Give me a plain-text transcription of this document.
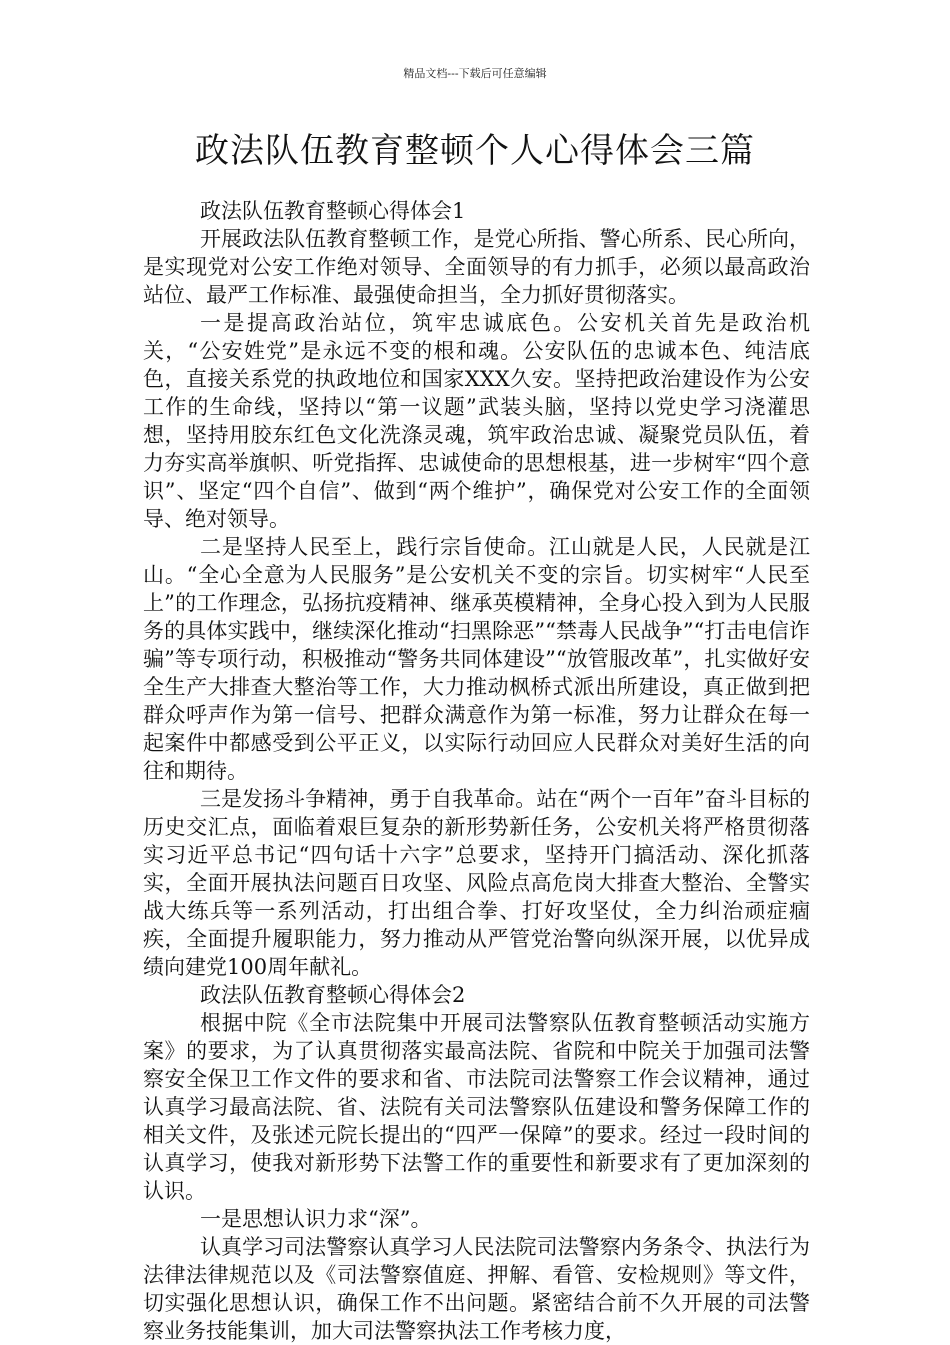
精品文档---下载后可任意编辑
政法队伍教育整顿个人心得体会三篇

政法队伍教育整顿心得体会1

开展政法队伍教育整顿工作，是党心所指、警心所系、民心所向，是实现党对公安工作绝对领导、全面领导的有力抓手，必须以最高政治站位、最严工作标准、最强使命担当，全力抓好贯彻落实。

一是提高政治站位，筑牢忠诚底色。公安机关首先是政治机关，“公安姓党”是永远不变的根和魂。公安队伍的忠诚本色、纯洁底色，直接关系党的执政地位和国家XXX久安。坚持把政治建设作为公安工作的生命线，坚持以“第一议题”武装头脑，坚持以党史学习浇灌思想，坚持用胶东红色文化洗涤灵魂，筑牢政治忠诚、凝聚党员队伍，着力夯实高举旗帜、听党指挥、忠诚使命的思想根基，进一步树牢“四个意识”、坚定“四个自信”、做到“两个维护”，确保党对公安工作的全面领导、绝对领导。

二是坚持人民至上，践行宗旨使命。江山就是人民，人民就是江山。“全心全意为人民服务”是公安机关不变的宗旨。切实树牢“人民至上”的工作理念，弘扬抗疫精神、继承英模精神，全身心投入到为人民服务的具体实践中，继续深化推动“扫黑除恶”“禁毒人民战争”“打击电信诈骗”等专项行动，积极推动“警务共同体建设”“放管服改革”，扎实做好安全生产大排查大整治等工作，大力推动枫桥式派出所建设，真正做到把群众呼声作为第一信号、把群众满意作为第一标准，努力让群众在每一起案件中都感受到公平正义，以实际行动回应人民群众对美好生活的向往和期待。

三是发扬斗争精神，勇于自我革命。站在“两个一百年”奋斗目标的历史交汇点，面临着艰巨复杂的新形势新任务，公安机关将严格贯彻落实习近平总书记“四句话十六字”总要求，坚持开门搞活动、深化抓落实，全面开展执法问题百日攻坚、风险点高危岗大排查大整治、全警实战大练兵等一系列活动，打出组合拳、打好攻坚仗，全力纠治顽症痼疾，全面提升履职能力，努力推动从严管党治警向纵深开展，以优异成绩向建党100周年献礼。

政法队伍教育整顿心得体会2

根据中院《全市法院集中开展司法警察队伍教育整顿活动实施方案》的要求，为了认真贯彻落实最高法院、省院和中院关于加强司法警察安全保卫工作文件的要求和省、市法院司法警察工作会议精神，通过认真学习最高法院、省、法院有关司法警察队伍建设和警务保障工作的相关文件，及张述元院长提出的“四严一保障”的要求。经过一段时间的认真学习，使我对新形势下法警工作的重要性和新要求有了更加深刻的认识。

一是思想认识力求“深”。

认真学习司法警察认真学习人民法院司法警察内务条令、执法行为法律法律规范以及《司法警察值庭、押解、看管、安检规则》等文件，切实强化思想认识，确保工作不出问题。紧密结合前不久开展的司法警察业务技能集训，加大司法警察执法工作考核力度，
